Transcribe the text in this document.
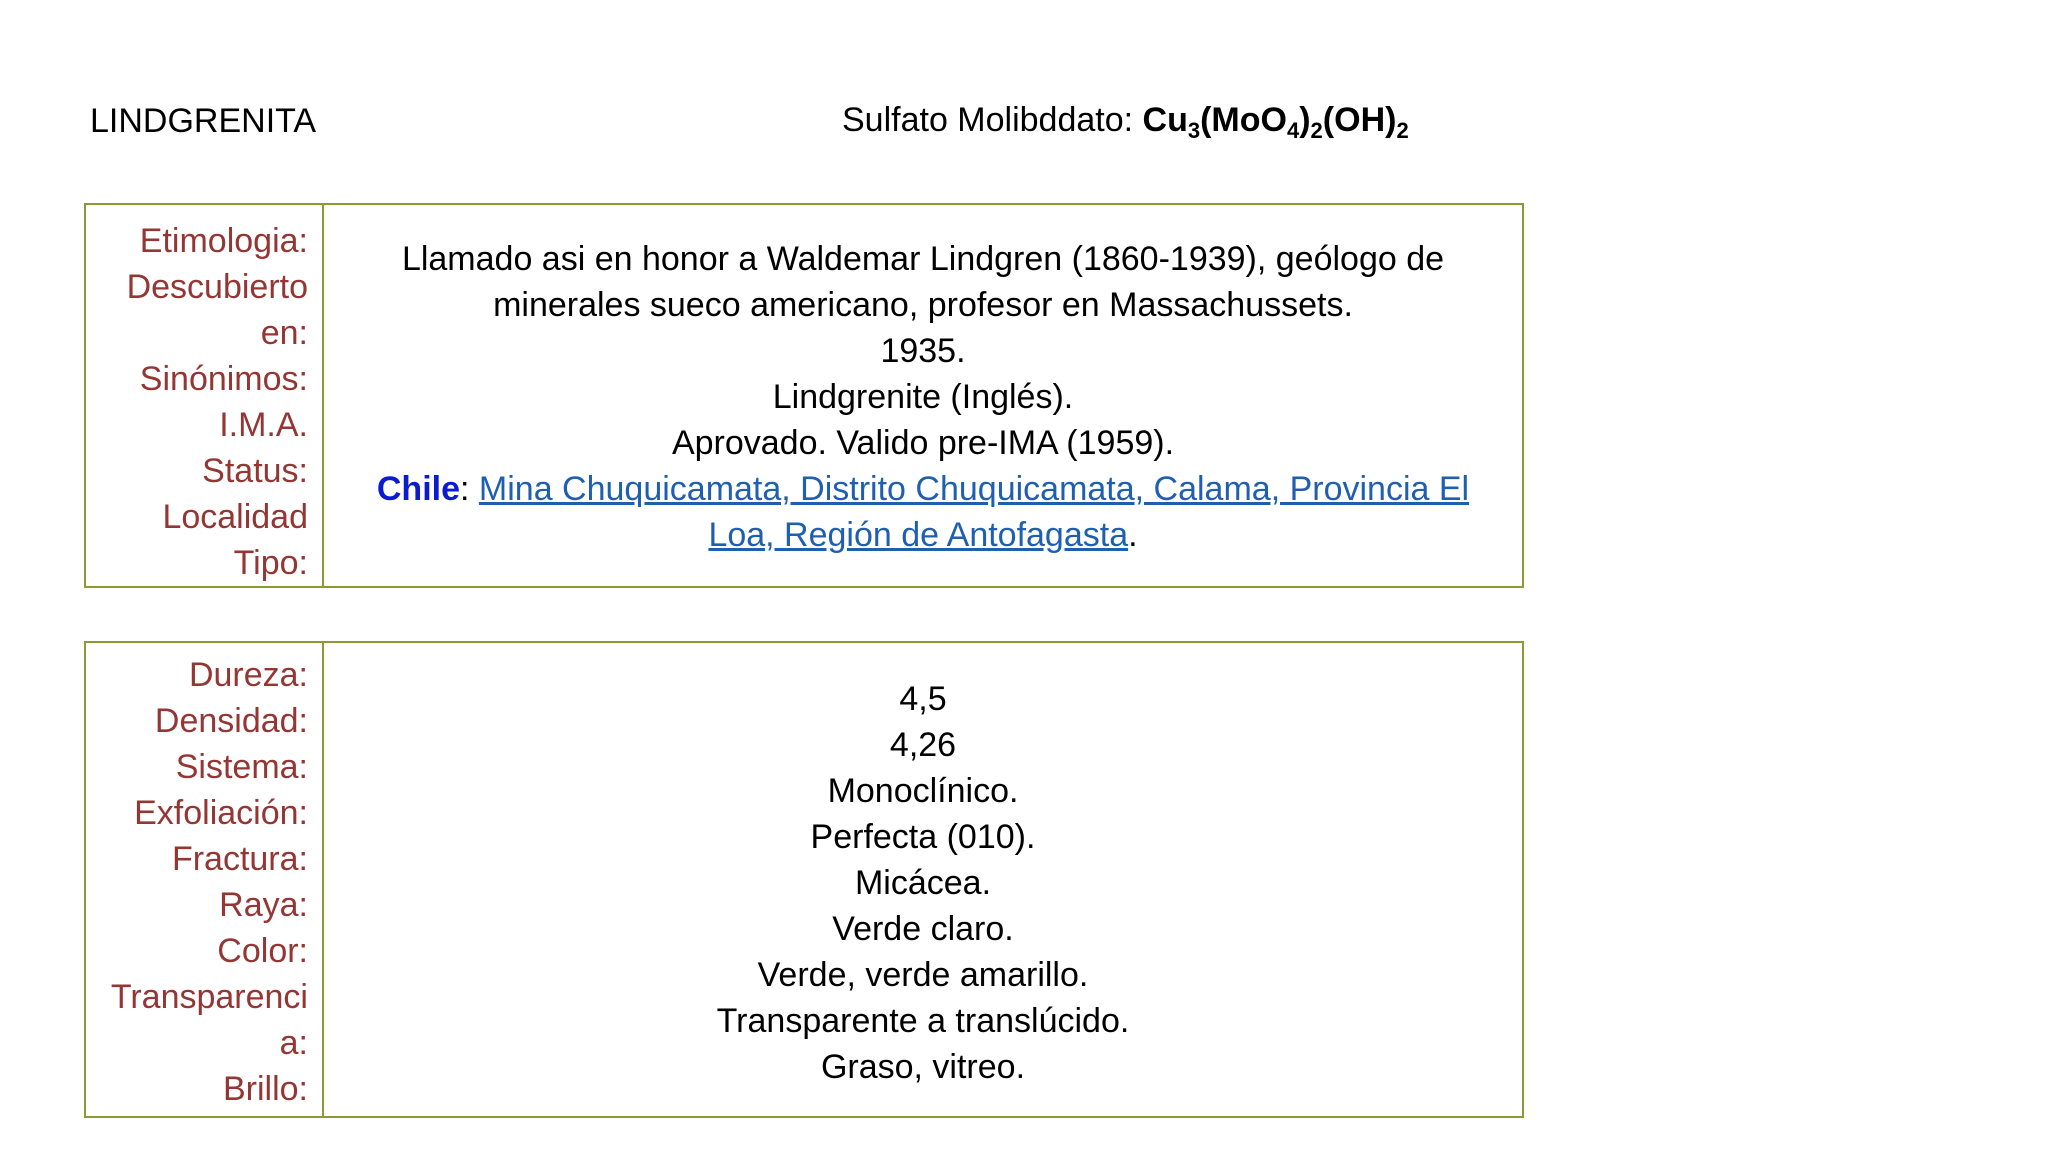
LINDGRENITA	Sulfato Molibddato: $Cu_3(MoO_4)_2(OH)_2$
Etimologia:
Descubierto
en:
Sinónimos:
I.M.A.
Status:
Localidad
Tipo:
Llamado asi en honor a Waldemar Lindgren (1860-1939), geólogo de minerales sueco americano, profesor en Massachussets.
1935.
Lindgrenite (Inglés).
Aprovado. Valido pre-IMA (1959).
Chile: Mina Chuquicamata, Distrito Chuquicamata, Calama, Provincia El Loa, Región de Antofagasta.
Dureza:
Densidad:
Sistema:
Exfoliación:
Fractura:
Raya:
Color:
Transparenci
a:
Brillo:
4,5
4,26
Monoclínico.
Perfecta (010).
Micácea.
Verde claro.
Verde, verde amarillo.
Transparente a translúcido.
Graso, vitreo.
